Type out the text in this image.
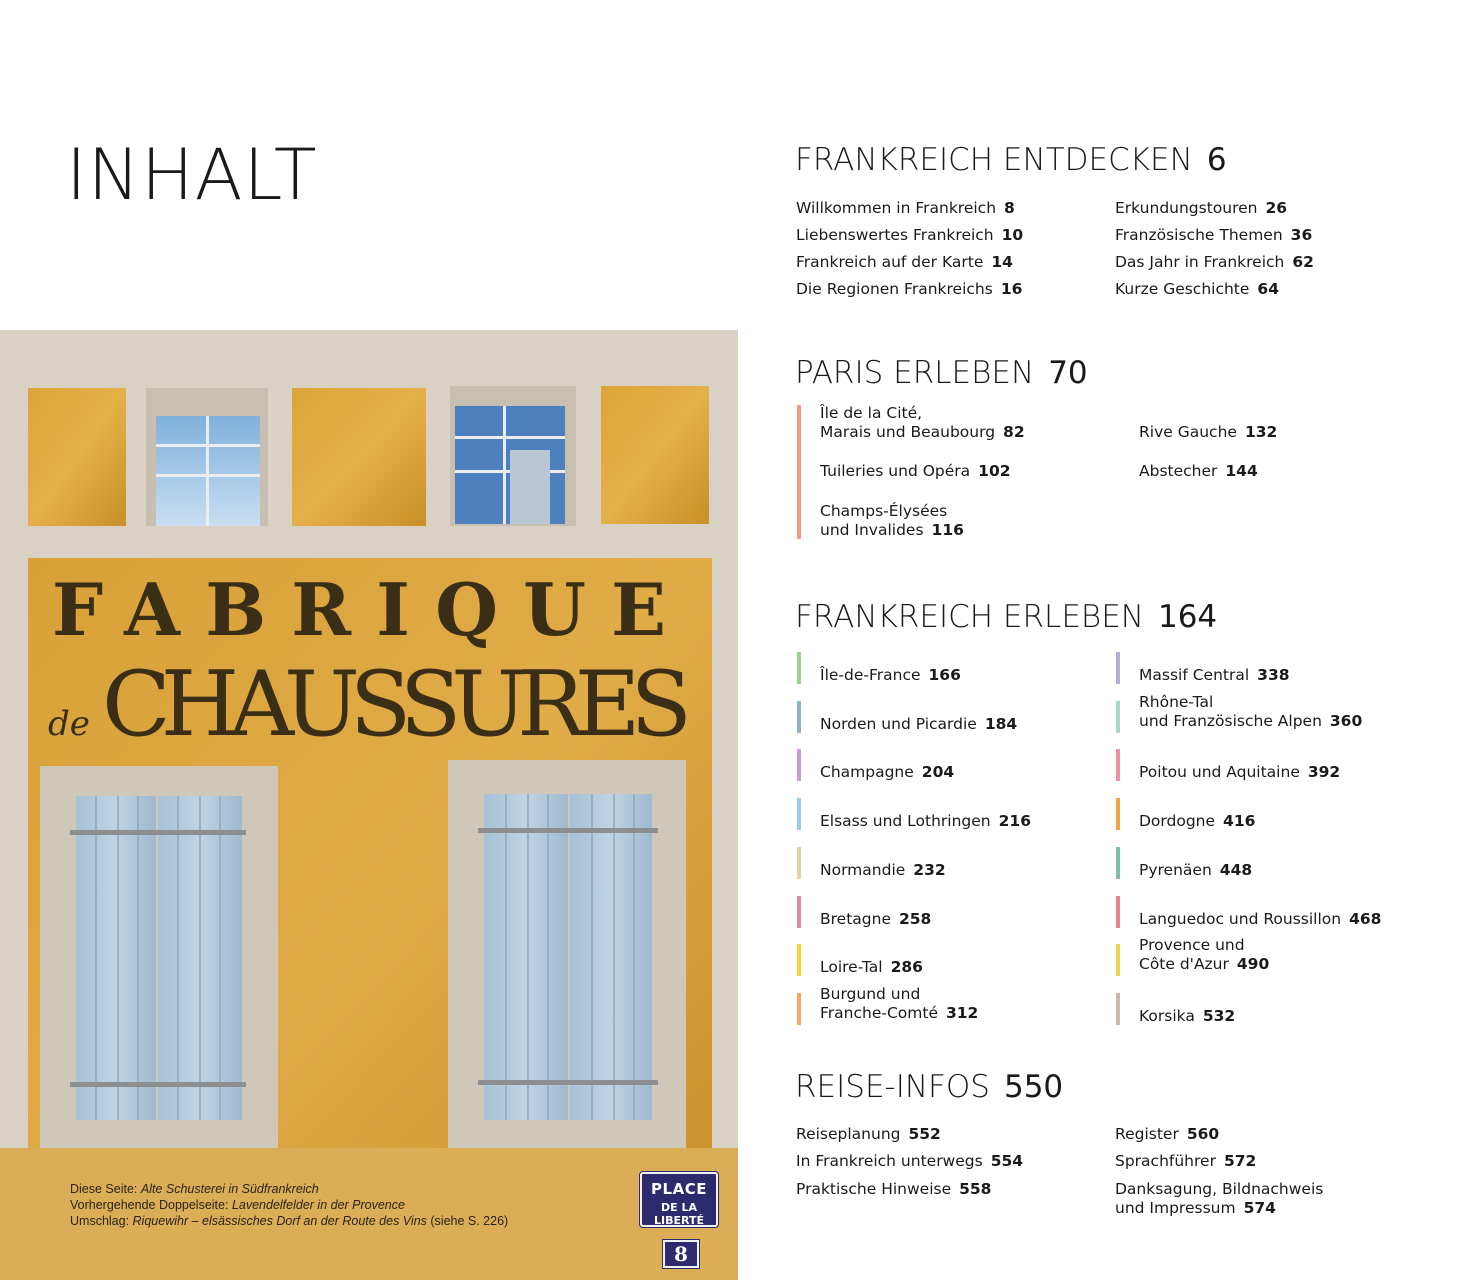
INHALT
FABRIQUE
de CHAUSSURES
PLACE
DE LA LIBERTÉ
8
Diese Seite: Alte Schusterei in Südfrankreich
Vorhergehende Doppelseite: Lavendelfelder in der Provence
Umschlag: Riquewihr – elsässisches Dorf an der Route des Vins (siehe S. 226)
FRANKREICH ENTDECKEN 6
Willkommen in Frankreich 8
Liebenswertes Frankreich 10
Frankreich auf der Karte 14
Die Regionen Frankreichs 16
Erkundungstouren 26
Französische Themen 36
Das Jahr in Frankreich 62
Kurze Geschichte 64
PARIS ERLEBEN 70
Île de la Cité,
Marais und Beaubourg 82
Tuileries und Opéra 102
Champs-Élysées
und Invalides 116
Rive Gauche 132
Abstecher 144
FRANKREICH ERLEBEN 164
Île-de-France 166
Norden und Picardie 184
Champagne 204
Elsass und Lothringen 216
Normandie 232
Bretagne 258
Loire-Tal 286
Burgund und
Franche-Comté 312
Massif Central 338
Rhône-Tal
und Französische Alpen 360
Poitou und Aquitaine 392
Dordogne 416
Pyrenäen 448
Languedoc und Roussillon 468
Provence und
Côte d'Azur 490
Korsika 532
REISE-INFOS 550
Reiseplanung 552
In Frankreich unterwegs 554
Praktische Hinweise 558
Register 560
Sprachführer 572
Danksagung, Bildnachweis
und Impressum 574
